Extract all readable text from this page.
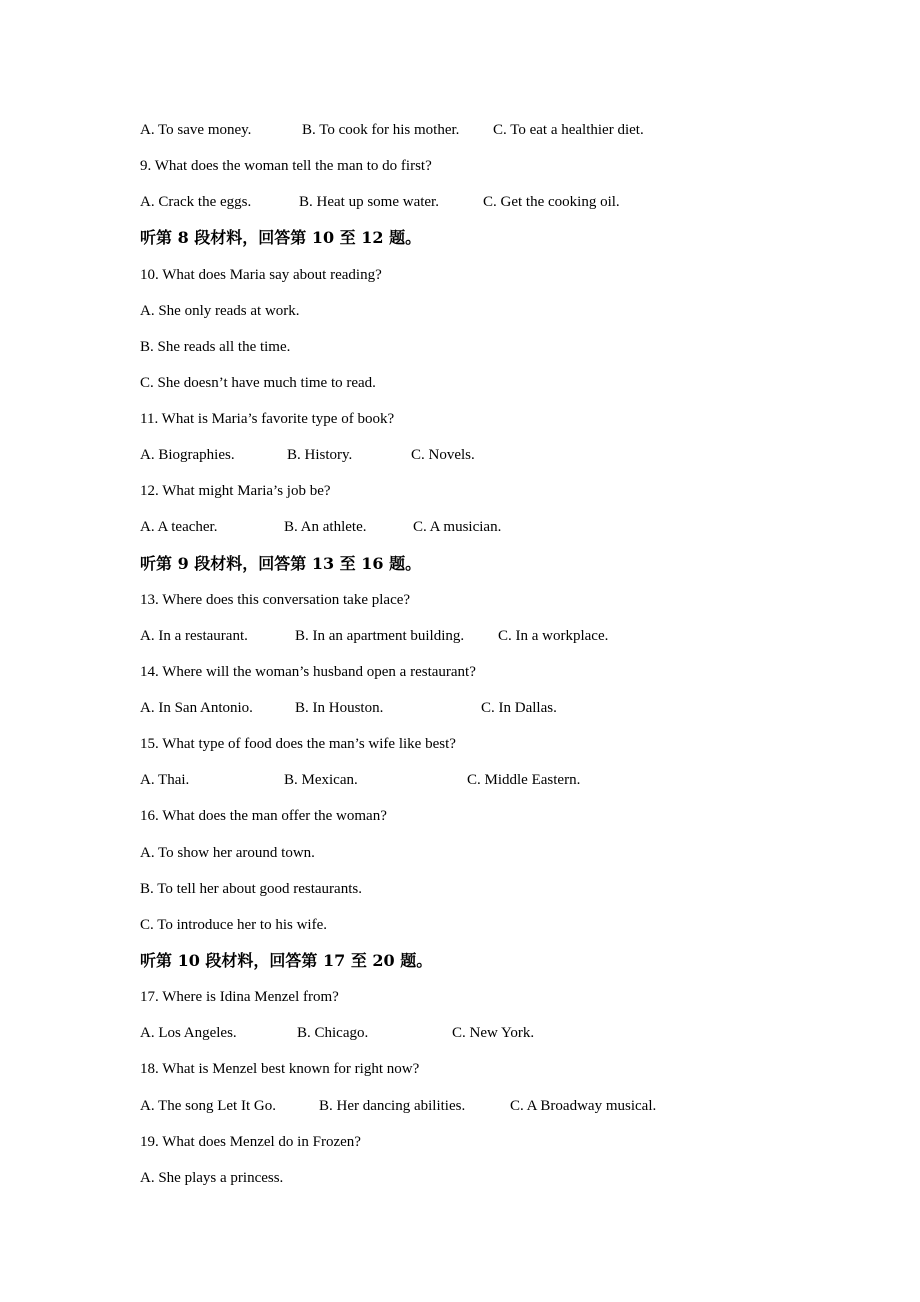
A. To save money.	B. To cook for his mother. C. To eat a healthier diet.
9. What does the woman tell the man to do first?
A. Crack the eggs.	B. Heat up some water.	C. Get the cooking oil.
听第 8 段材料，回答第 10 至 12 题。
10. What does Maria say about reading?
A. She only reads at work.
B. She reads all the time.
C. She doesn’t have much time to read.
11. What is Maria’s favorite type of book?
A. Biographies.	B. History.	C. Novels.
12. What might Maria’s job be?
A. A teacher.	B. An athlete.	C. A musician.
听第 9 段材料，回答第 13 至 16 题。
13. Where does this conversation take place?
A. In a restaurant.	B. In an apartment building. C. In a workplace.
14. Where will the woman’s husband open a restaurant?
A. In San Antonio.	B. In Houston.	C. In Dallas.
15. What type of food does the man’s wife like best?
A. Thai.	B. Mexican.	C. Middle Eastern.
16. What does the man offer the woman?
A. To show her around town.
B. To tell her about good restaurants.
C. To introduce her to his wife.
听第 10 段材料，回答第 17 至 20 题。
17. Where is Idina Menzel from?
A. Los Angeles.	B. Chicago.	C. New York.
18. What is Menzel best known for right now?
A. The song Let It Go.	B. Her dancing abilities.	C. A Broadway musical.
19. What does Menzel do in Frozen?
A. She plays a princess.
